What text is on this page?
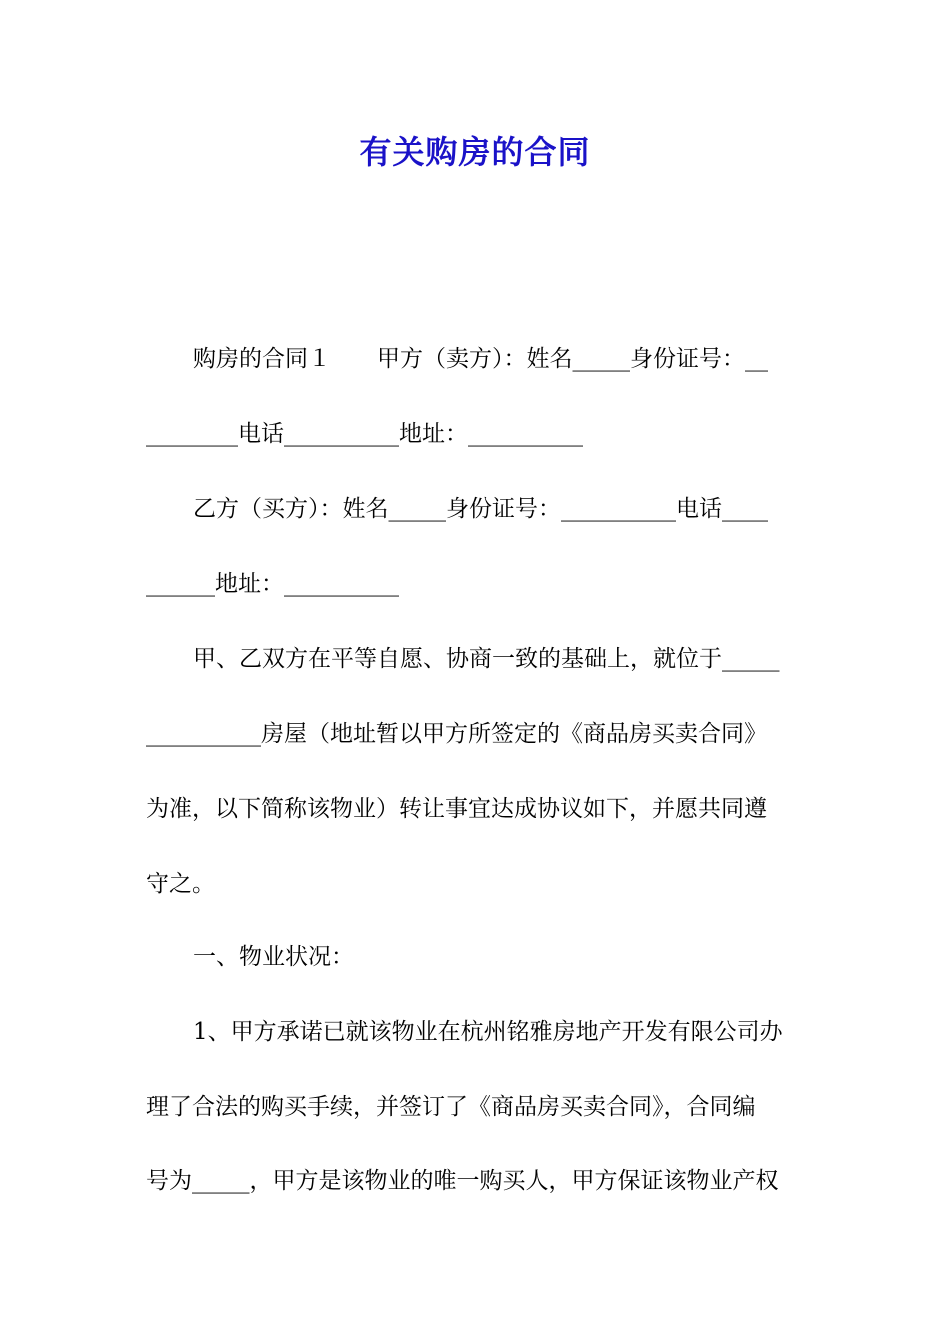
有关购房的合同
购房的合同１　　甲方（卖方）：姓名_____身份证号：__
________电话__________地址：__________
乙方（买方）：姓名_____身份证号：__________电话____
______地址：__________
甲、乙双方在平等自愿、协商一致的基础上，就位于_____
__________房屋（地址暂以甲方所签定的《商品房买卖合同》
为准，以下简称该物业）转让事宜达成协议如下，并愿共同遵
守之。
一、物业状况：
1、甲方承诺已就该物业在杭州铭雅房地产开发有限公司办
理了合法的购买手续，并签订了《商品房买卖合同》，合同编
号为_____，甲方是该物业的唯一购买人，甲方保证该物业产权
